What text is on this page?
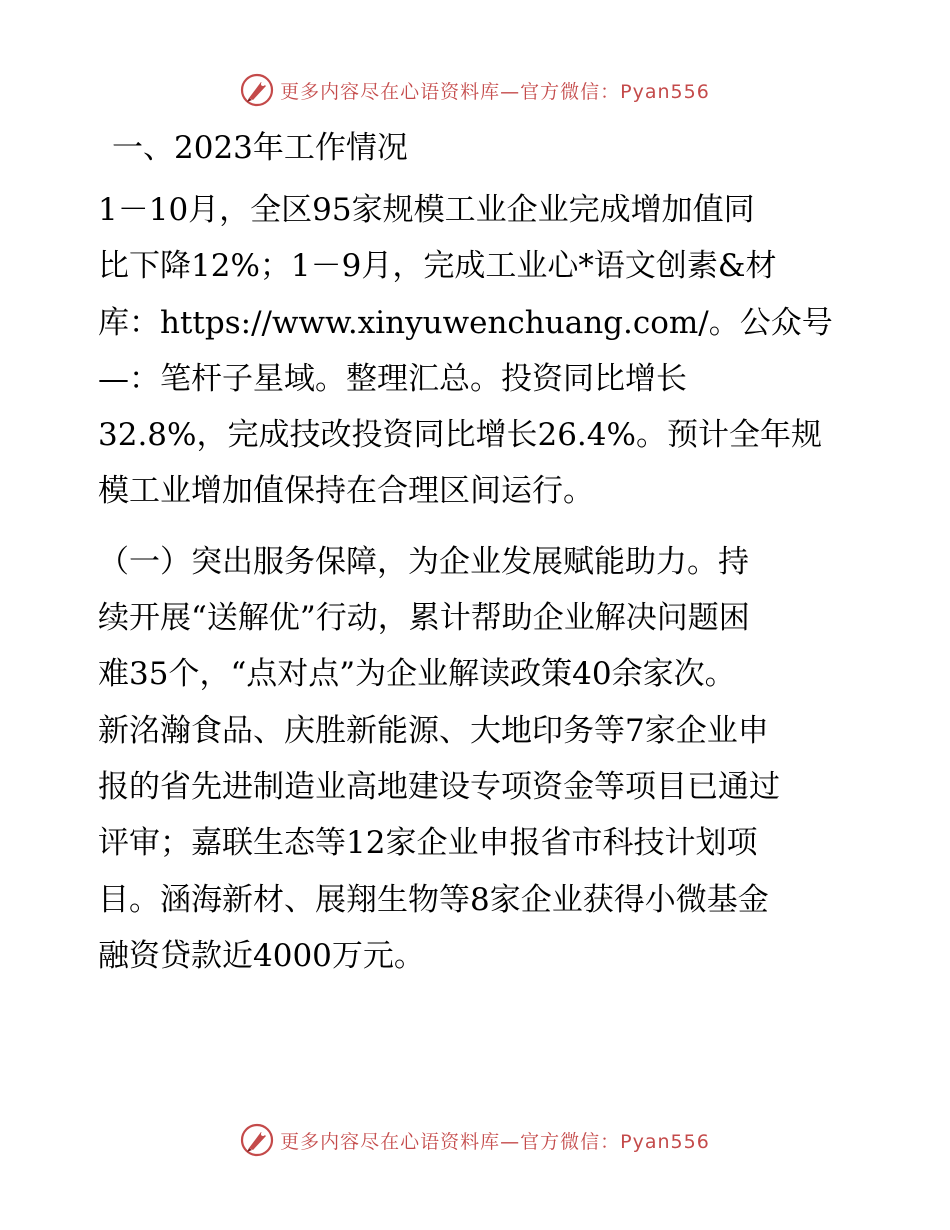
更多内容尽在心语资料库—官方微信：Pyan556
一、2023年工作情况
1－10月，全区95家规模工业企业完成增加值同
比下降12%；1－9月，完成工业心*语文创素&材
库：https://www.xinyuwenchuang.com/。公众号
—：笔杆子星域。整理汇总。投资同比增长
32.8%，完成技改投资同比增长26.4%。预计全年规
模工业增加值保持在合理区间运行。
（一）突出服务保障，为企业发展赋能助力。持
续开展“送解优”行动，累计帮助企业解决问题困
难35个，“点对点”为企业解读政策40余家次。
新洺瀚食品、庆胜新能源、大地印务等7家企业申
报的省先进制造业高地建设专项资金等项目已通过
评审；嘉联生态等12家企业申报省市科技计划项
目。涵海新材、展翔生物等8家企业获得小微基金
融资贷款近4000万元。
更多内容尽在心语资料库—官方微信：Pyan556
